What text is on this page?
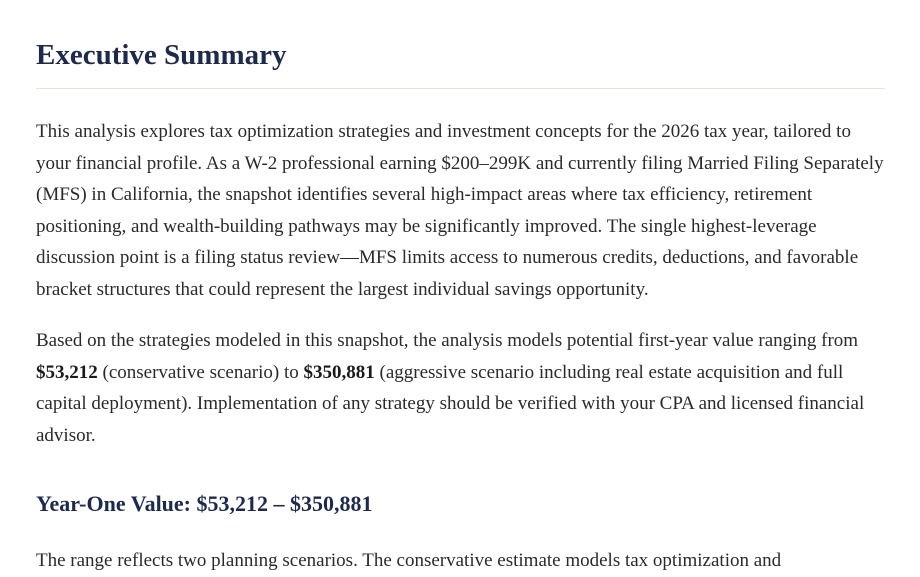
Executive Summary

This analysis explores tax optimization strategies and investment concepts for the 2026 tax year, tailored to your financial profile. As a W-2 professional earning $200–299K and currently filing Married Filing Separately (MFS) in California, the snapshot identifies several high-impact areas where tax efficiency, retirement positioning, and wealth-building pathways may be significantly improved. The single highest-leverage discussion point is a filing status review—MFS limits access to numerous credits, deductions, and favorable bracket structures that could represent the largest individual savings opportunity.

Based on the strategies modeled in this snapshot, the analysis models potential first-year value ranging from $53,212 (conservative scenario) to $350,881 (aggressive scenario including real estate acquisition and full capital deployment). Implementation of any strategy should be verified with your CPA and licensed financial advisor.

Year-One Value: $53,212 – $350,881

The range reflects two planning scenarios. The conservative estimate models tax optimization and
